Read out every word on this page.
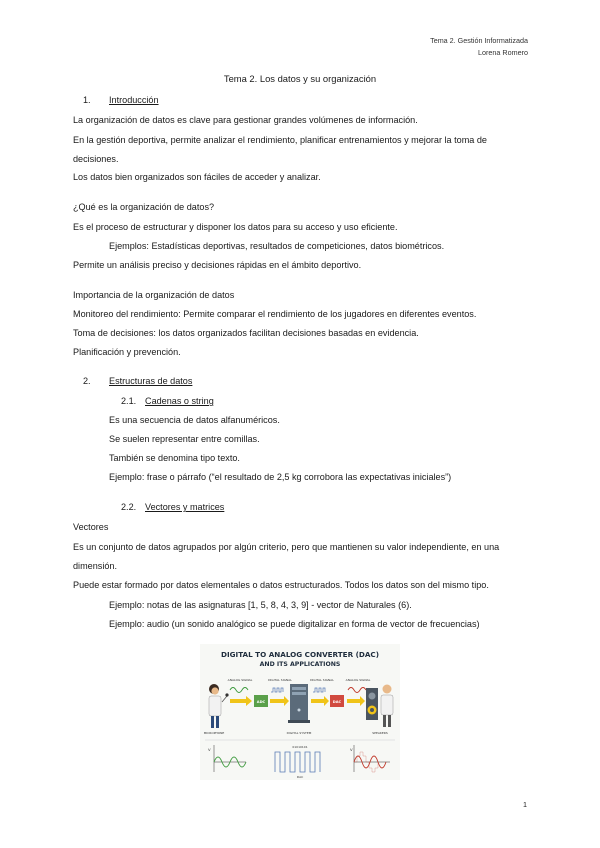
Tema 2. Gestión Informatizada
Lorena Romero
Tema 2. Los datos y su organización
1. Introducción
La organización de datos es clave para gestionar grandes volúmenes de información.
En la gestión deportiva, permite analizar el rendimiento, planificar entrenamientos y mejorar la toma de
decisiones.
Los datos bien organizados son fáciles de acceder y analizar.
¿Qué es la organización de datos?
Es el proceso de estructurar y disponer los datos para su acceso y uso eficiente.
Ejemplos: Estadísticas deportivas, resultados de competiciones, datos biométricos.
Permite un análisis preciso y decisiones rápidas en el ámbito deportivo.
Importancia de la organización de datos
Monitoreo del rendimiento: Permite comparar el rendimiento de los jugadores en diferentes eventos.
Toma de decisiones: los datos organizados facilitan decisiones basadas en evidencia.
Planificación y prevención.
2. Estructuras de datos
2.1. Cadenas o string
Es una secuencia de datos alfanuméricos.
Se suelen representar entre comillas.
También se denomina tipo texto.
Ejemplo: frase o párrafo (“el resultado de 2,5 kg corrobora las expectativas iniciales”)
2.2. Vectores y matrices
Vectores
Es un conjunto de datos agrupados por algún criterio, pero que mantienen su valor independiente, en una
dimensión.
Puede estar formado por datos elementales o datos estructurados. Todos los datos son del mismo tipo.
Ejemplo: notas de las asignaturas [1, 5, 8, 4, 3, 9] - vector de Naturales (6).
Ejemplo: audio (un sonido analógico se puede digitalizar en forma de vector de frecuencias)
DIGITAL TO ANALOG CONVERTER (DAC)
AND ITS APPLICATIONS
MICROPHONE
ANALOG SIGNAL
ADC
DIGITAL SIGNAL
DIGITAL SYSTEM
DIGITAL SIGNAL
DAC
ANALOG SIGNAL
SPEAKERS
V	01010101
DAC
V
1
